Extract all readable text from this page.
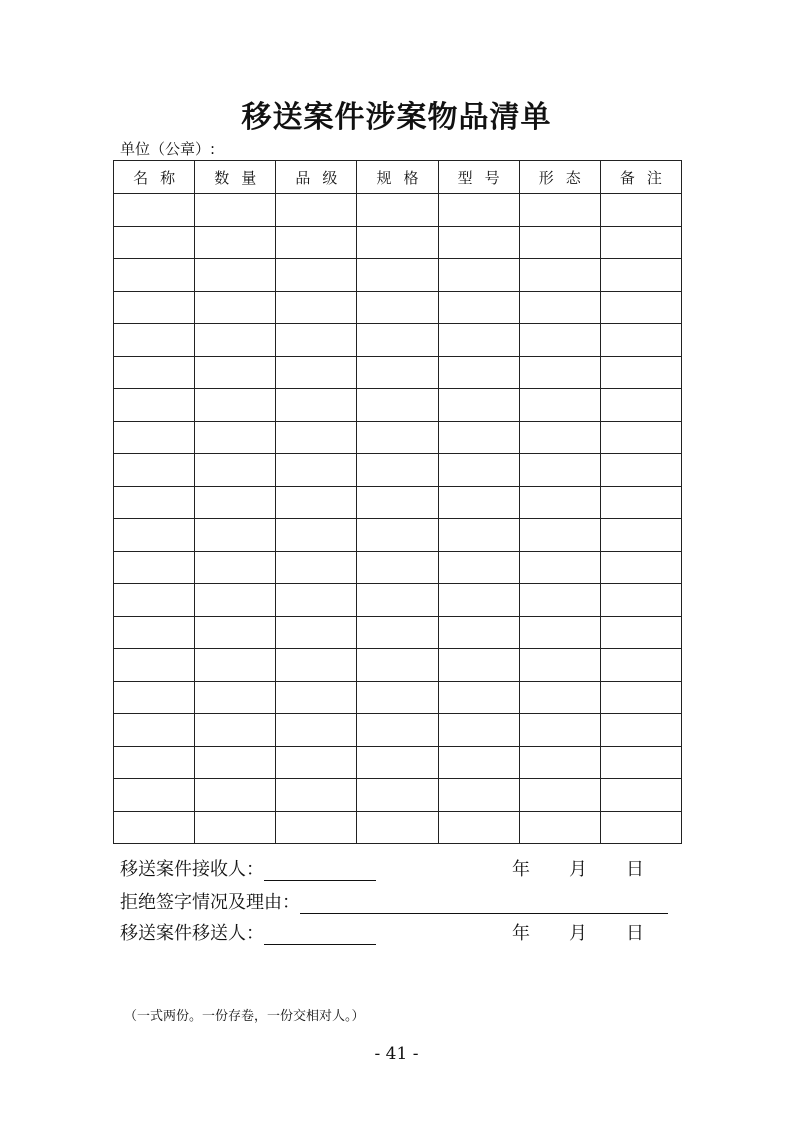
移送案件涉案物品清单
单位（公章）:
名称	数量	品级	规格	型号	形态	备注

移送案件接收人：	年 月 日
拒绝签字情况及理由：
移送案件移送人：	年 月 日
（一式两份。一份存卷，一份交相对人。）
- 41 -
